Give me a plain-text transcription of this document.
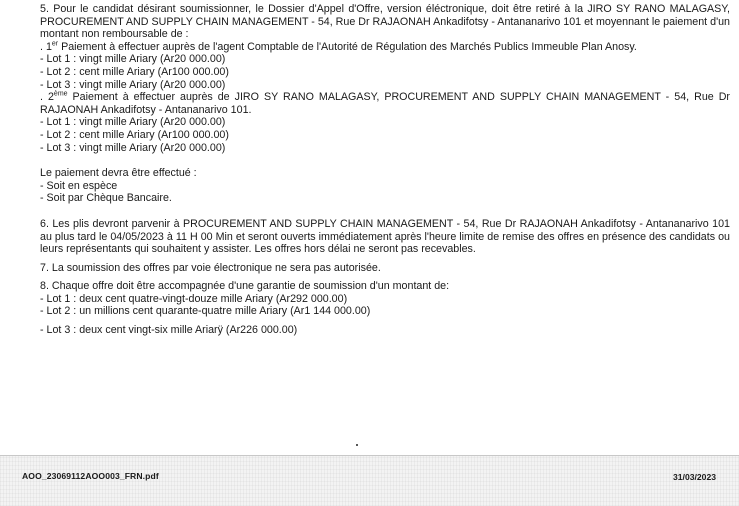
5. Pour le candidat désirant soumissionner, le Dossier d'Appel d'Offre, version éléctronique, doit être retiré à la JIRO SY RANO MALAGASY, PROCUREMENT AND SUPPLY CHAIN MANAGEMENT - 54, Rue Dr RAJAONAH Ankadifotsy - Antananarivo 101 et moyennant le paiement d'un montant non remboursable de :

. 1er Paiement à effectuer auprès de l'agent Comptable de l'Autorité de Régulation des Marchés Publics Immeuble Plan Anosy.

- Lot 1 : vingt mille Ariary (Ar20 000.00)

- Lot 2 : cent mille Ariary (Ar100 000.00)

- Lot 3 : vingt mille Ariary (Ar20 000.00)

. 2ème Paiement à effectuer auprès de JIRO SY RANO MALAGASY, PROCUREMENT AND SUPPLY CHAIN MANAGEMENT - 54, Rue Dr RAJAONAH Ankadifotsy - Antananarivo 101.

- Lot 1 : vingt mille Ariary (Ar20 000.00)

- Lot 2 : cent mille Ariary (Ar100 000.00)

- Lot 3 : vingt mille Ariary (Ar20 000.00)

Le paiement devra être effectué :

- Soit en espèce

- Soit par Chèque Bancaire.

6. Les plis devront parvenir à PROCUREMENT AND SUPPLY CHAIN MANAGEMENT - 54, Rue Dr RAJAONAH Ankadifotsy - Antananarivo 101 au plus tard le 04/05/2023 à 11 H 00 Min et seront ouverts immédiatement après l'heure limite de remise des offres en présence des candidats ou leurs représentants qui souhaitent y assister. Les offres hors délai ne seront pas recevables.

7. La soumission des offres par voie électronique ne sera pas autorisée.

8. Chaque offre doit être accompagnée d'une garantie de soumission d'un montant de:

- Lot 1 : deux cent quatre-vingt-douze mille Ariary (Ar292 000.00)

- Lot 2 : un millions cent quarante-quatre mille Ariary (Ar1 144 000.00)

- Lot 3 : deux cent vingt-six mille Ariarÿ (Ar226 000.00)

AOO_23069112AOO003_FRN.pdf	31/03/2023
